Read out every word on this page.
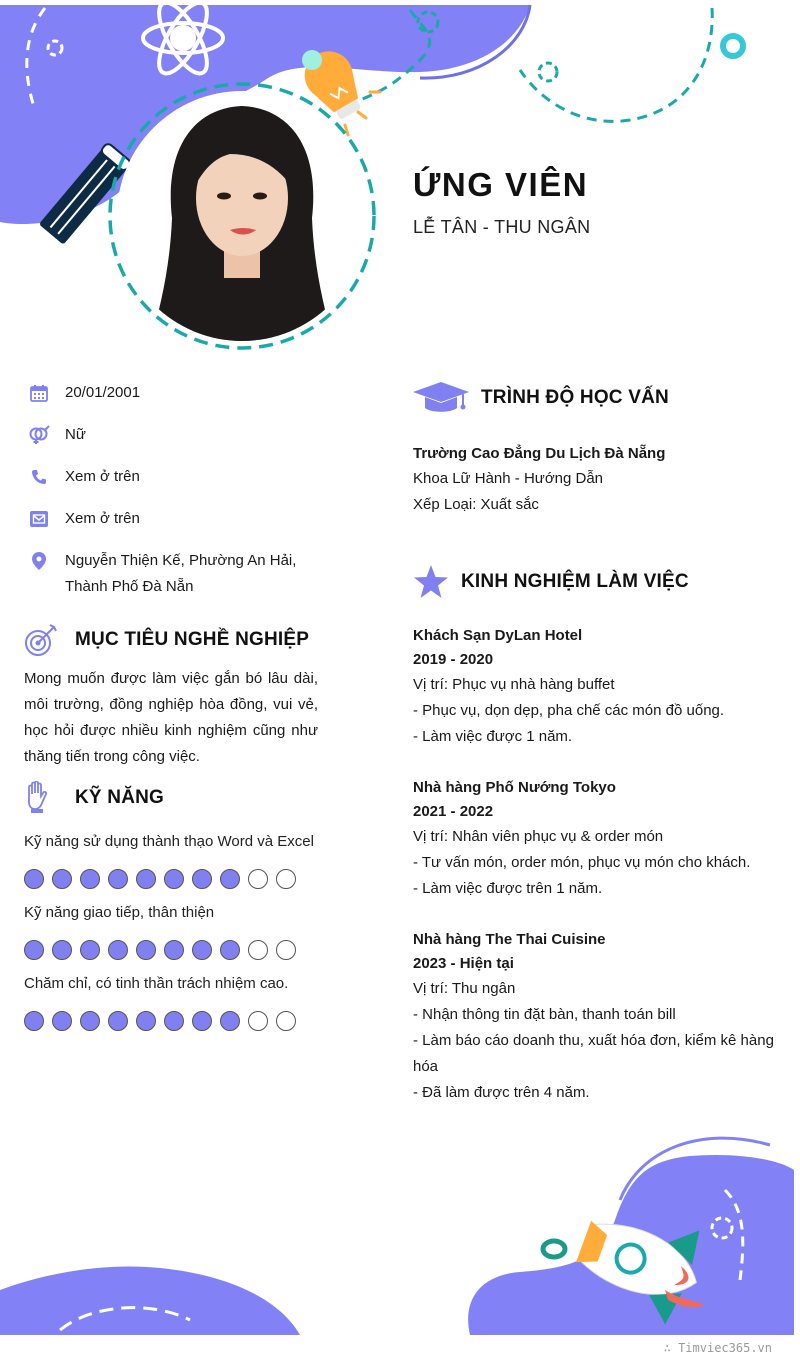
ỨNG VIÊN
LỄ TÂN - THU NGÂN
20/01/2001
Nữ
Xem ở trên
Xem ở trên
Nguyễn Thiện Kế, Phường An Hải, Thành Phố Đà Nẵn
MỤC TIÊU NGHỀ NGHIỆP

Mong muốn được làm việc gắn bó lâu dài, môi trường, đồng nghiệp hòa đồng, vui vẻ, học hỏi được nhiều kinh nghiệm cũng như thăng tiến trong công việc.

KỸ NĂNG
Kỹ năng sử dụng thành thạo Word và Excel
Kỹ năng giao tiếp, thân thiện
Chăm chỉ, có tinh thần trách nhiệm cao.
TRÌNH ĐỘ HỌC VẤN
Trường Cao Đẳng Du Lịch Đà Nẵng
Khoa Lữ Hành - Hướng Dẫn
Xếp Loại: Xuất sắc
KINH NGHIỆM LÀM VIỆC
Khách Sạn DyLan Hotel
2019 - 2020
Vị trí: Phục vụ nhà hàng buffet
- Phục vụ, dọn dẹp, pha chế các món đồ uống.
- Làm việc được 1 năm.
Nhà hàng Phố Nướng Tokyo
2021 - 2022
Vị trí: Nhân viên phục vụ & order món
- Tư vấn món, order món, phục vụ món cho khách.
- Làm việc được trên 1 năm.
Nhà hàng The Thai Cuisine
2023 - Hiện tại
Vị trí: Thu ngân
- Nhận thông tin đặt bàn, thanh toán bill
- Làm báo cáo doanh thu, xuất hóa đơn, kiểm kê hàng hóa
- Đã làm được trên 4 năm.
∴ Timviec365.vn
